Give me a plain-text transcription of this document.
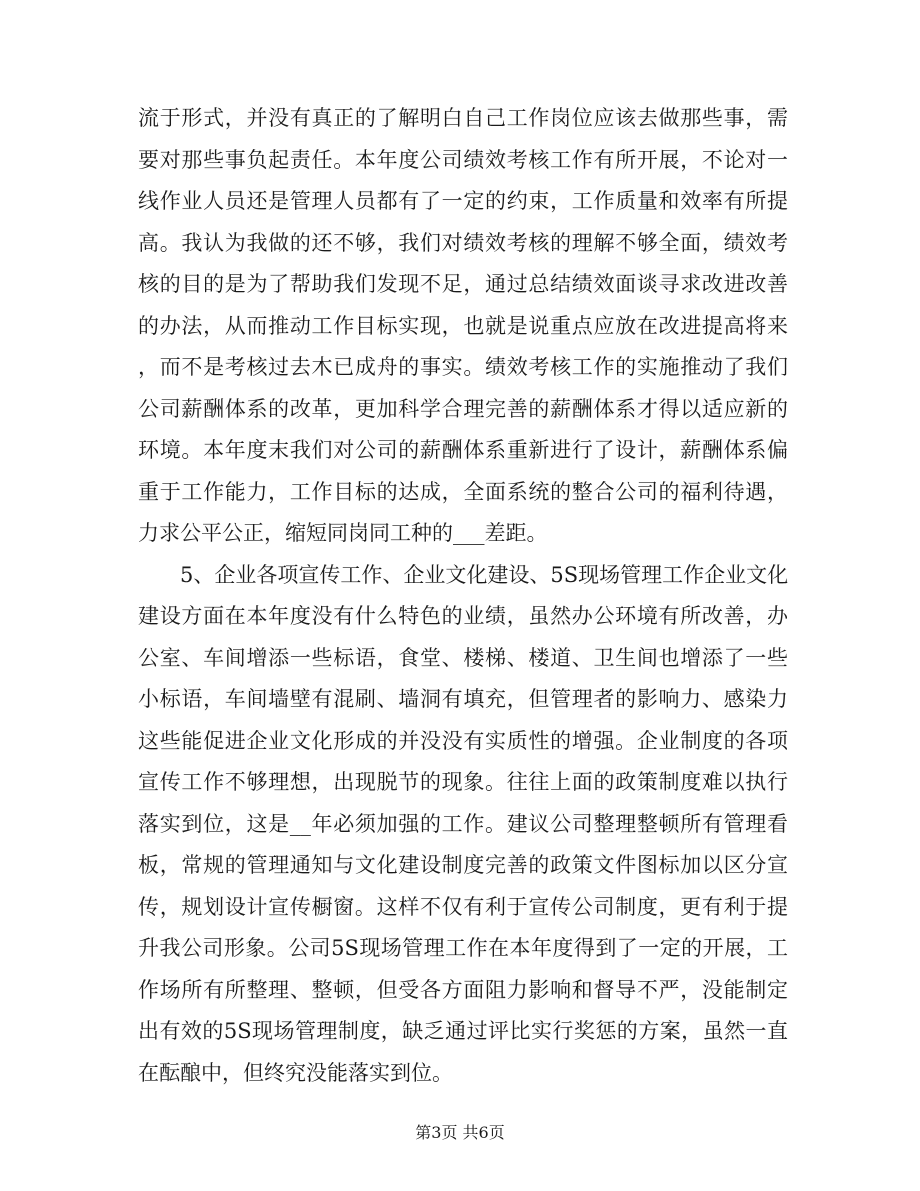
流于形式，并没有真正的了解明白自己工作岗位应该去做那些事，需
要对那些事负起责任。本年度公司绩效考核工作有所开展，不论对一
线作业人员还是管理人员都有了一定的约束，工作质量和效率有所提
高。我认为我做的还不够，我们对绩效考核的理解不够全面，绩效考
核的目的是为了帮助我们发现不足，通过总结绩效面谈寻求改进改善
的办法，从而推动工作目标实现，也就是说重点应放在改进提高将来
，而不是考核过去木已成舟的事实。绩效考核工作的实施推动了我们
公司薪酬体系的改革，更加科学合理完善的薪酬体系才得以适应新的
环境。本年度末我们对公司的薪酬体系重新进行了设计，薪酬体系偏
重于工作能力，工作目标的达成，全面系统的整合公司的福利待遇，
力求公平公正，缩短同岗同工种的___差距。
5、企业各项宣传工作、企业文化建设、5S现场管理工作企业文化
建设方面在本年度没有什么特色的业绩，虽然办公环境有所改善，办
公室、车间增添一些标语，食堂、楼梯、楼道、卫生间也增添了一些
小标语，车间墙壁有混刷、墙洞有填充，但管理者的影响力、感染力
这些能促进企业文化形成的并没没有实质性的增强。企业制度的各项
宣传工作不够理想，出现脱节的现象。往往上面的政策制度难以执行
落实到位，这是__年必须加强的工作。建议公司整理整顿所有管理看
板，常规的管理通知与文化建设制度完善的政策文件图标加以区分宣
传，规划设计宣传橱窗。这样不仅有利于宣传公司制度，更有利于提
升我公司形象。公司5S现场管理工作在本年度得到了一定的开展，工
作场所有所整理、整顿，但受各方面阻力影响和督导不严，没能制定
出有效的5S现场管理制度，缺乏通过评比实行奖惩的方案，虽然一直
在酝酿中，但终究没能落实到位。
第3页 共6页
